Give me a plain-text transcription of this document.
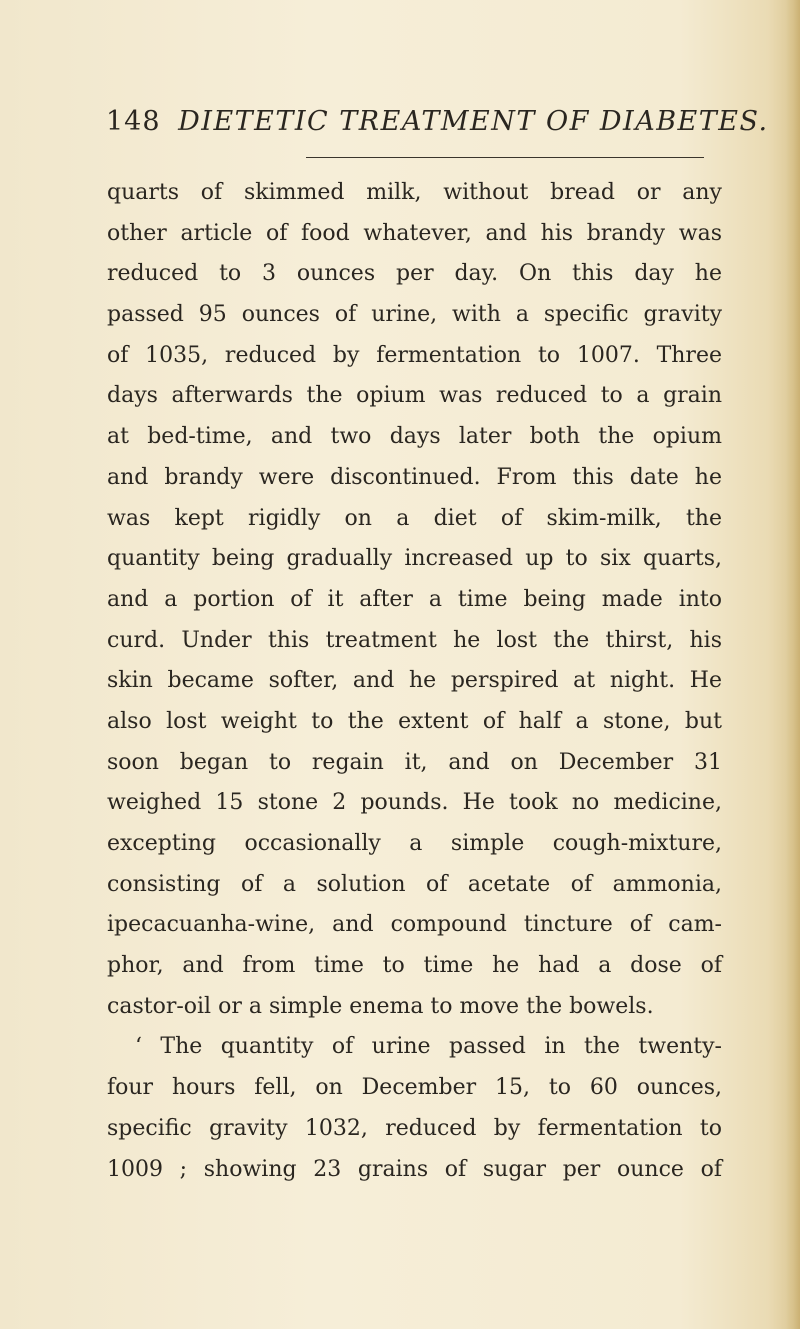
148 DIETETIC TREATMENT OF DIABETES.
quarts of skimmed milk, without bread or any
other article of food whatever, and his brandy was
reduced to 3 ounces per day. On this day he
passed 95 ounces of urine, with a specific gravity
of 1035, reduced by fermentation to 1007. Three
days afterwards the opium was reduced to a grain
at bed-time, and two days later both the opium
and brandy were discontinued. From this date he
was kept rigidly on a diet of skim-milk, the
quantity being gradually increased up to six quarts,
and a portion of it after a time being made into
curd. Under this treatment he lost the thirst, his
skin became softer, and he perspired at night. He
also lost weight to the extent of half a stone, but
soon began to regain it, and on December 31
weighed 15 stone 2 pounds. He took no medicine,
excepting occasionally a simple cough-mixture,
consisting of a solution of acetate of ammonia,
ipecacuanha-wine, and compound tincture of cam-
phor, and from time to time he had a dose of
castor-oil or a simple enema to move the bowels.
‘ The quantity of urine passed in the twenty-
four hours fell, on December 15, to 60 ounces,
specific gravity 1032, reduced by fermentation to
1009 ; showing 23 grains of sugar per ounce of
